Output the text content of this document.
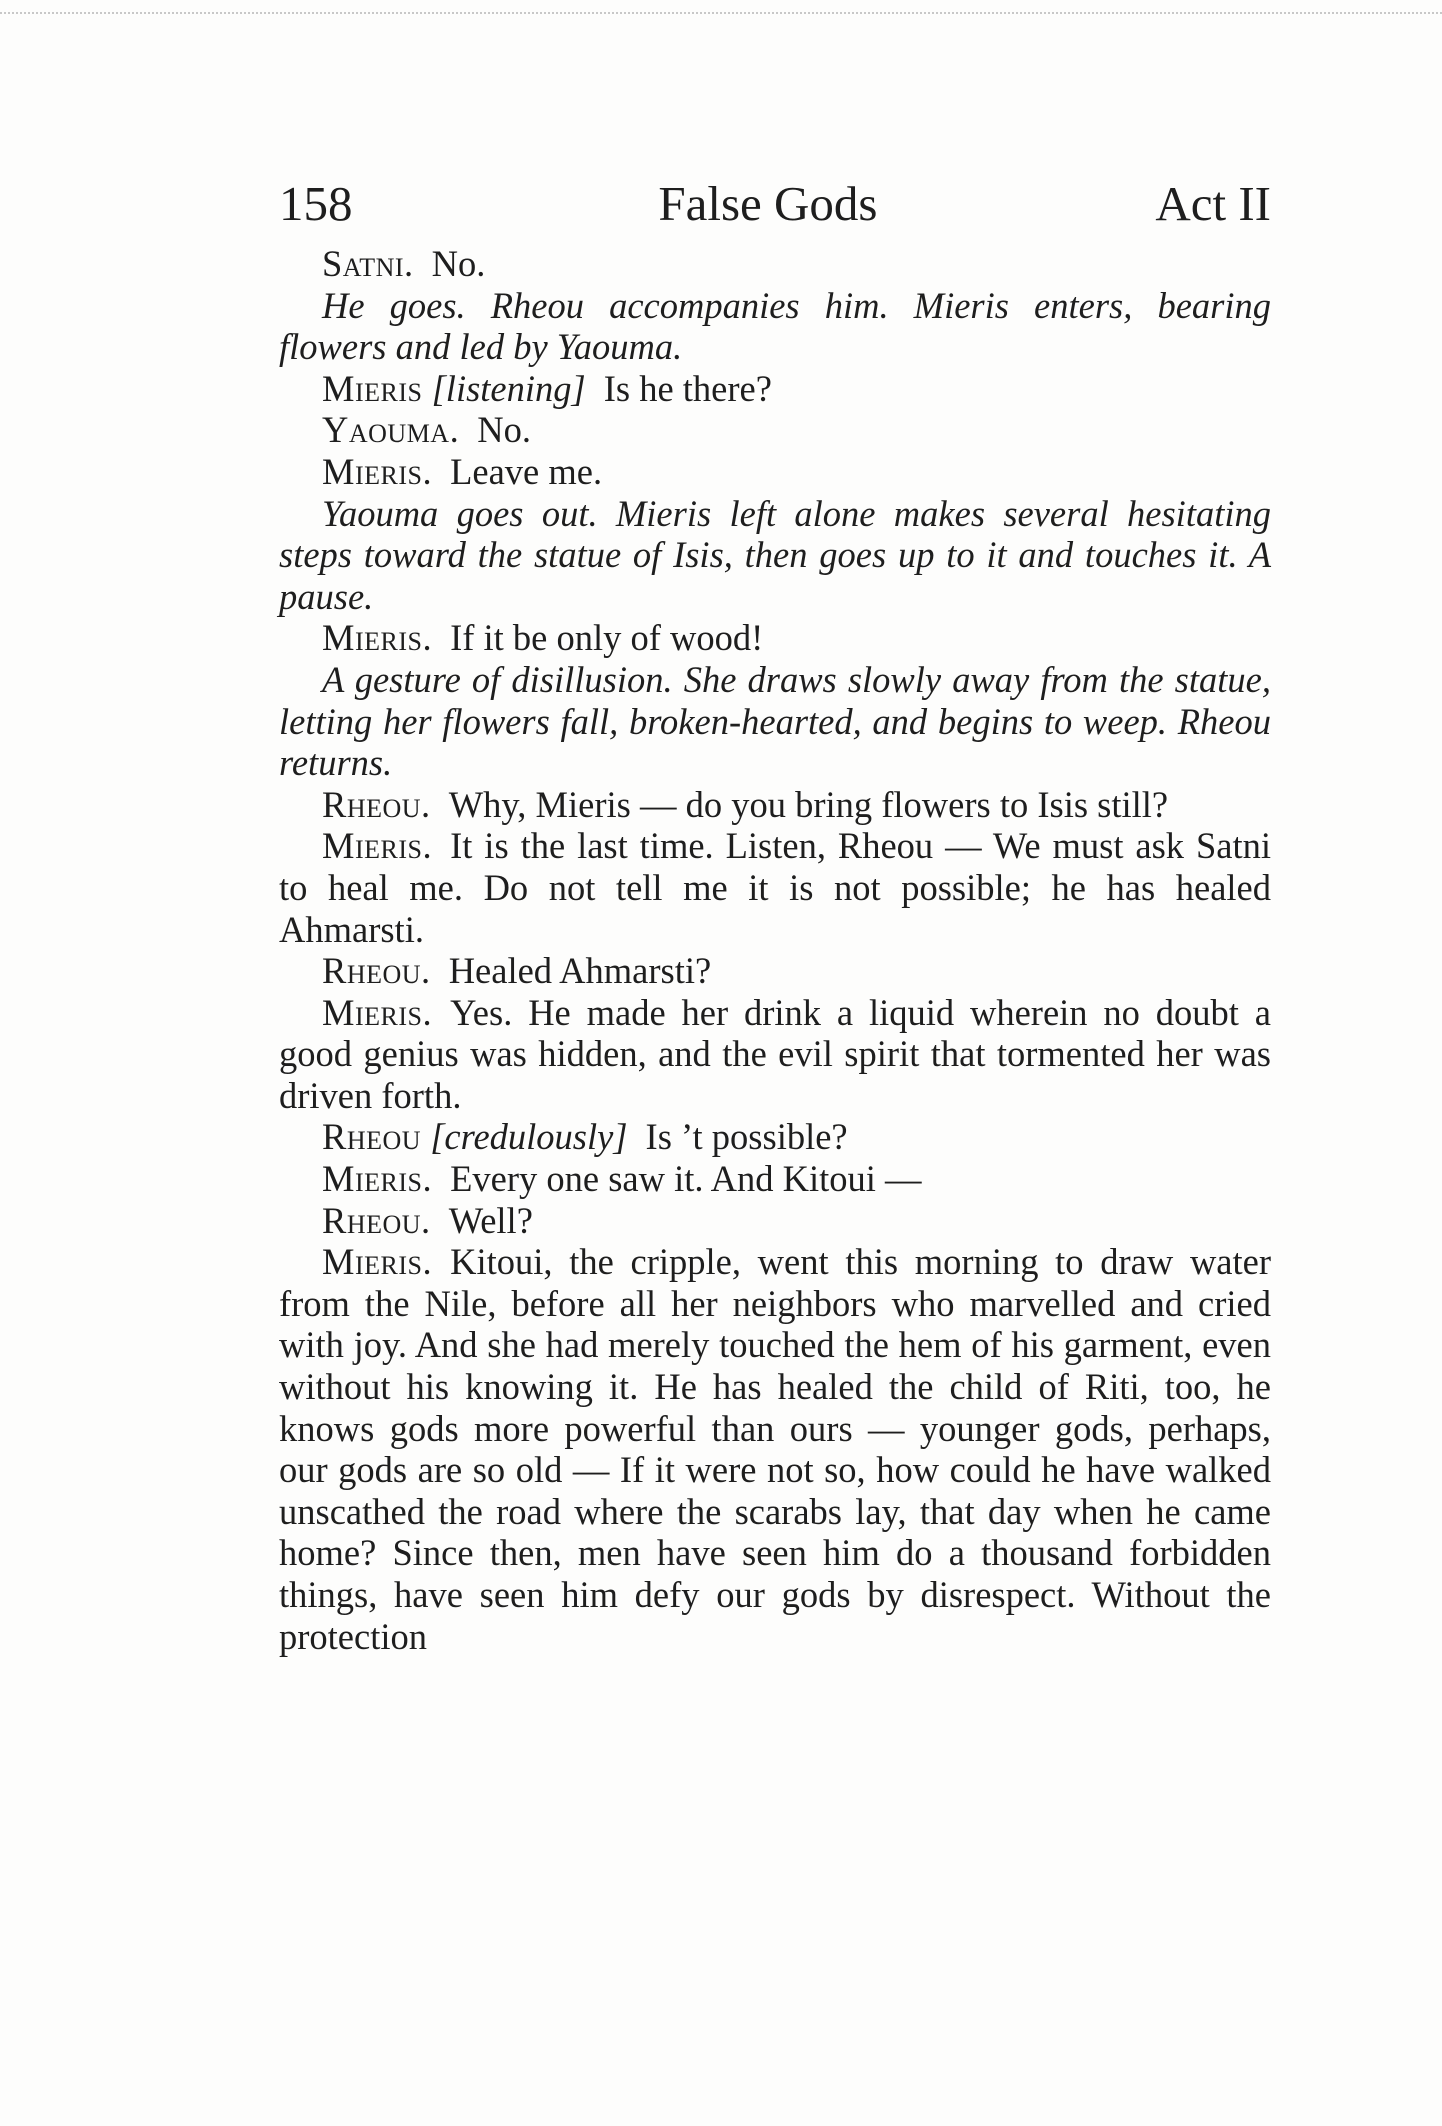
158	False Gods	Act II

Satni. No.

He goes. Rheou accompanies him. Mieris enters, bearing flowers and led by Yaouma.

Mieris [listening] Is he there?

Yaouma. No.

Mieris. Leave me.

Yaouma goes out. Mieris left alone makes several hesitating steps toward the statue of Isis, then goes up to it and touches it. A pause.

Mieris. If it be only of wood!

A gesture of disillusion. She draws slowly away from the statue, letting her flowers fall, broken-hearted, and begins to weep. Rheou returns.

Rheou. Why, Mieris — do you bring flowers to Isis still?

Mieris. It is the last time. Listen, Rheou — We must ask Satni to heal me. Do not tell me it is not possible; he has healed Ahmarsti.

Rheou. Healed Ahmarsti?

Mieris. Yes. He made her drink a liquid wherein no doubt a good genius was hidden, and the evil spirit that tormented her was driven forth.

Rheou [credulously] Is ’t possible?

Mieris. Every one saw it. And Kitoui —

Rheou. Well?

Mieris. Kitoui, the cripple, went this morning to draw water from the Nile, before all her neighbors who marvelled and cried with joy. And she had merely touched the hem of his garment, even without his knowing it. He has healed the child of Riti, too, he knows gods more powerful than ours — younger gods, perhaps, our gods are so old — If it were not so, how could he have walked unscathed the road where the scarabs lay, that day when he came home? Since then, men have seen him do a thousand forbidden things, have seen him defy our gods by disrespect. Without the protection
